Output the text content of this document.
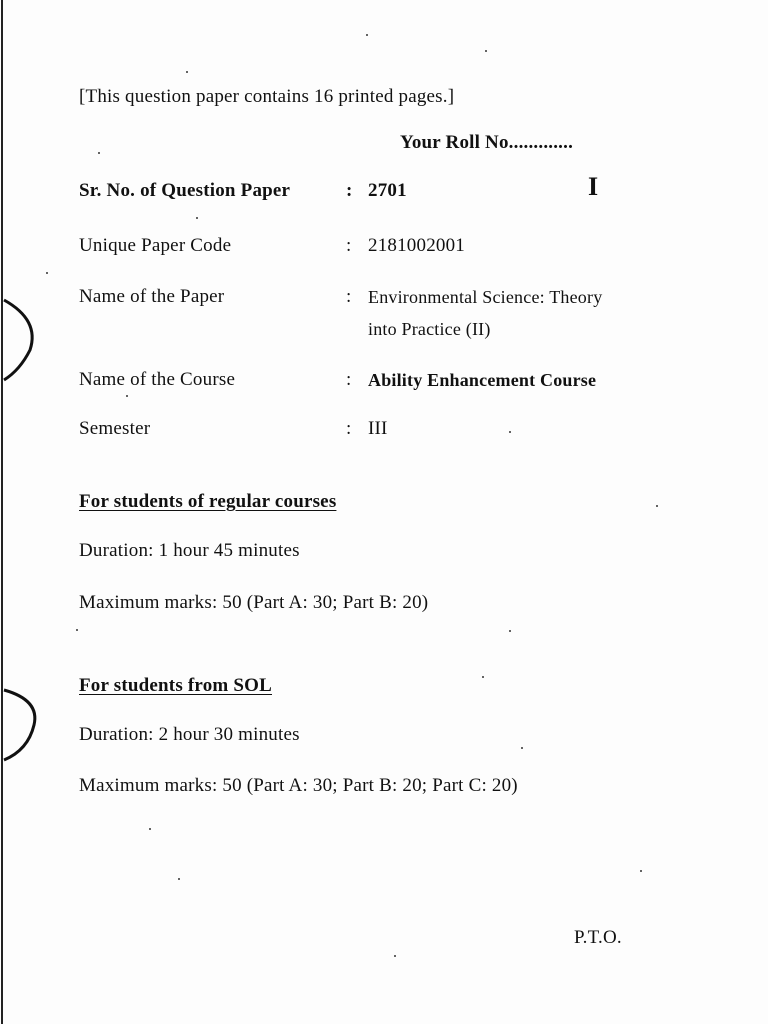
[This question paper contains 16 printed pages.]
Your Roll No.............
Sr. No. of Question Paper	: 2701	I
Unique Paper Code	: 2181002001
Name of the Paper	: Environmental Science: Theory
into Practice (II)
Name of the Course	: Ability Enhancement Course
Semester	: III
For students of regular courses
Duration: 1 hour 45 minutes
Maximum marks: 50 (Part A: 30; Part B: 20)
For students from SOL
Duration: 2 hour 30 minutes
Maximum marks: 50 (Part A: 30; Part B: 20; Part C: 20)
P.T.O.
